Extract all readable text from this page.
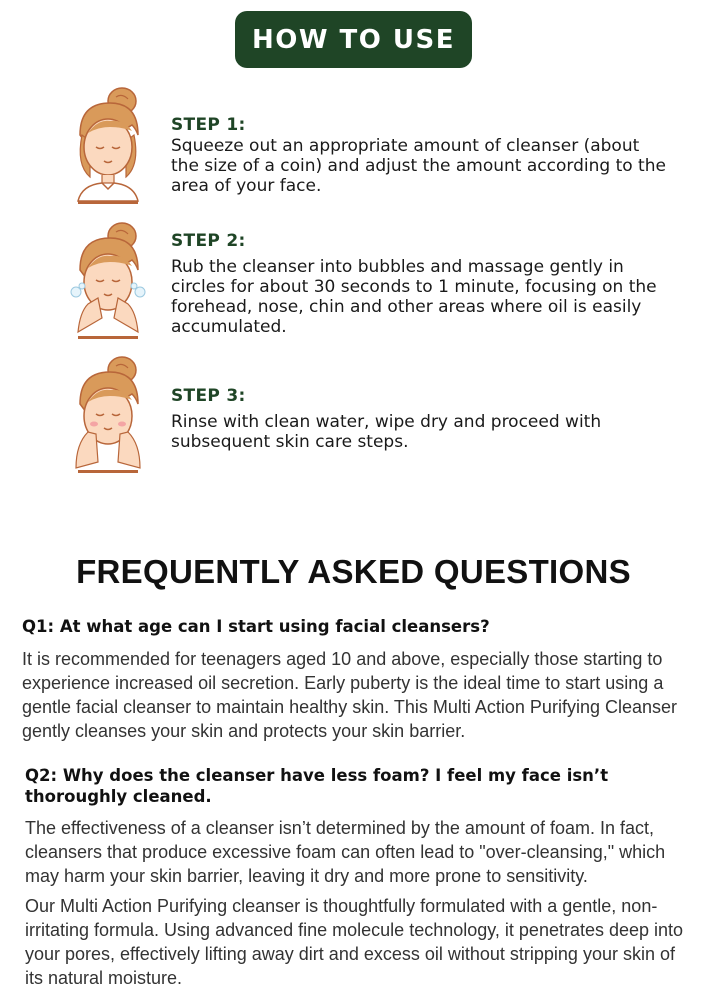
HOW TO USE
STEP 1:
Squeeze out an appropriate amount of cleanser (about the size of a coin) and adjust the amount according to the area of your face.
STEP 2:
Rub the cleanser into bubbles and massage gently in circles for about 30 seconds to 1 minute, focusing on the forehead, nose, chin and other areas where oil is easily accumulated.
STEP 3:
Rinse with clean water, wipe dry and proceed with subsequent skin care steps.
FREQUENTLY ASKED QUESTIONS
Q1: At what age can I start using facial cleansers?
It is recommended for teenagers aged 10 and above, especially those starting to experience increased oil secretion. Early puberty is the ideal time to start using a gentle facial cleanser to maintain healthy skin. This Multi Action Purifying Cleanser gently cleanses your skin and protects your skin barrier.
Q2: Why does the cleanser have less foam? I feel my face isn’t thoroughly cleaned.
The effectiveness of a cleanser isn’t determined by the amount of foam. In fact, cleansers that produce excessive foam can often lead to "over-cleansing," which may harm your skin barrier, leaving it dry and more prone to sensitivity.
Our Multi Action Purifying cleanser is thoughtfully formulated with a gentle, non-irritating formula. Using advanced fine molecule technology, it penetrates deep into your pores, effectively lifting away dirt and excess oil without stripping your skin of its natural moisture.
